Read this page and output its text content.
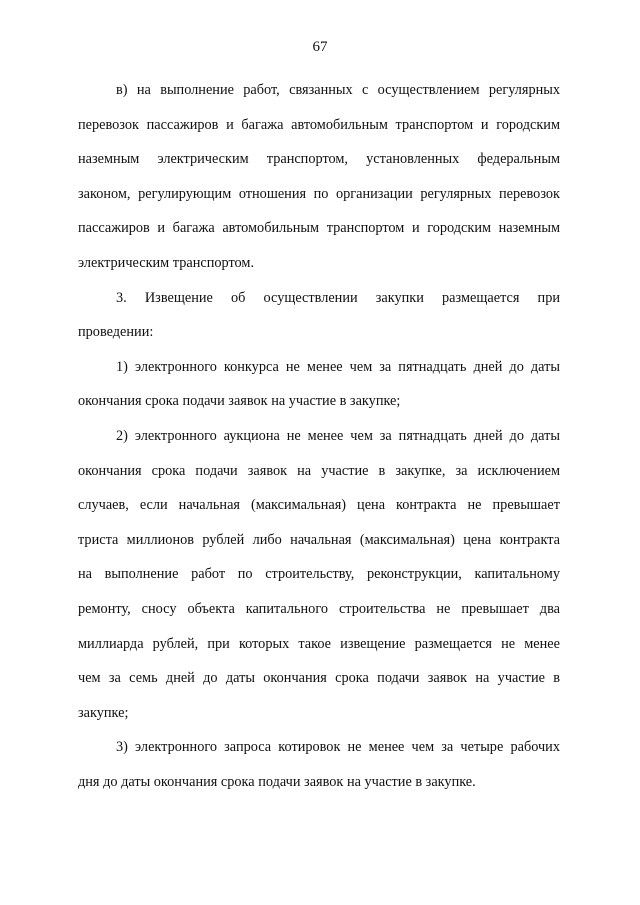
67
в) на выполнение работ, связанных с осуществлением регулярных
перевозок пассажиров и багажа автомобильным транспортом и городским
наземным электрическим транспортом, установленных федеральным
законом, регулирующим отношения по организации регулярных перевозок
пассажиров и багажа автомобильным транспортом и городским наземным
электрическим транспортом.
3. Извещение об осуществлении закупки размещается при
проведении:
1) электронного конкурса не менее чем за пятнадцать дней до даты
окончания срока подачи заявок на участие в закупке;
2) электронного аукциона не менее чем за пятнадцать дней до даты
окончания срока подачи заявок на участие в закупке, за исключением
случаев, если начальная (максимальная) цена контракта не превышает
триста миллионов рублей либо начальная (максимальная) цена контракта
на выполнение работ по строительству, реконструкции, капитальному
ремонту, сносу объекта капитального строительства не превышает два
миллиарда рублей, при которых такое извещение размещается не менее
чем за семь дней до даты окончания срока подачи заявок на участие в
закупке;
3) электронного запроса котировок не менее чем за четыре рабочих
дня до даты окончания срока подачи заявок на участие в закупке.
